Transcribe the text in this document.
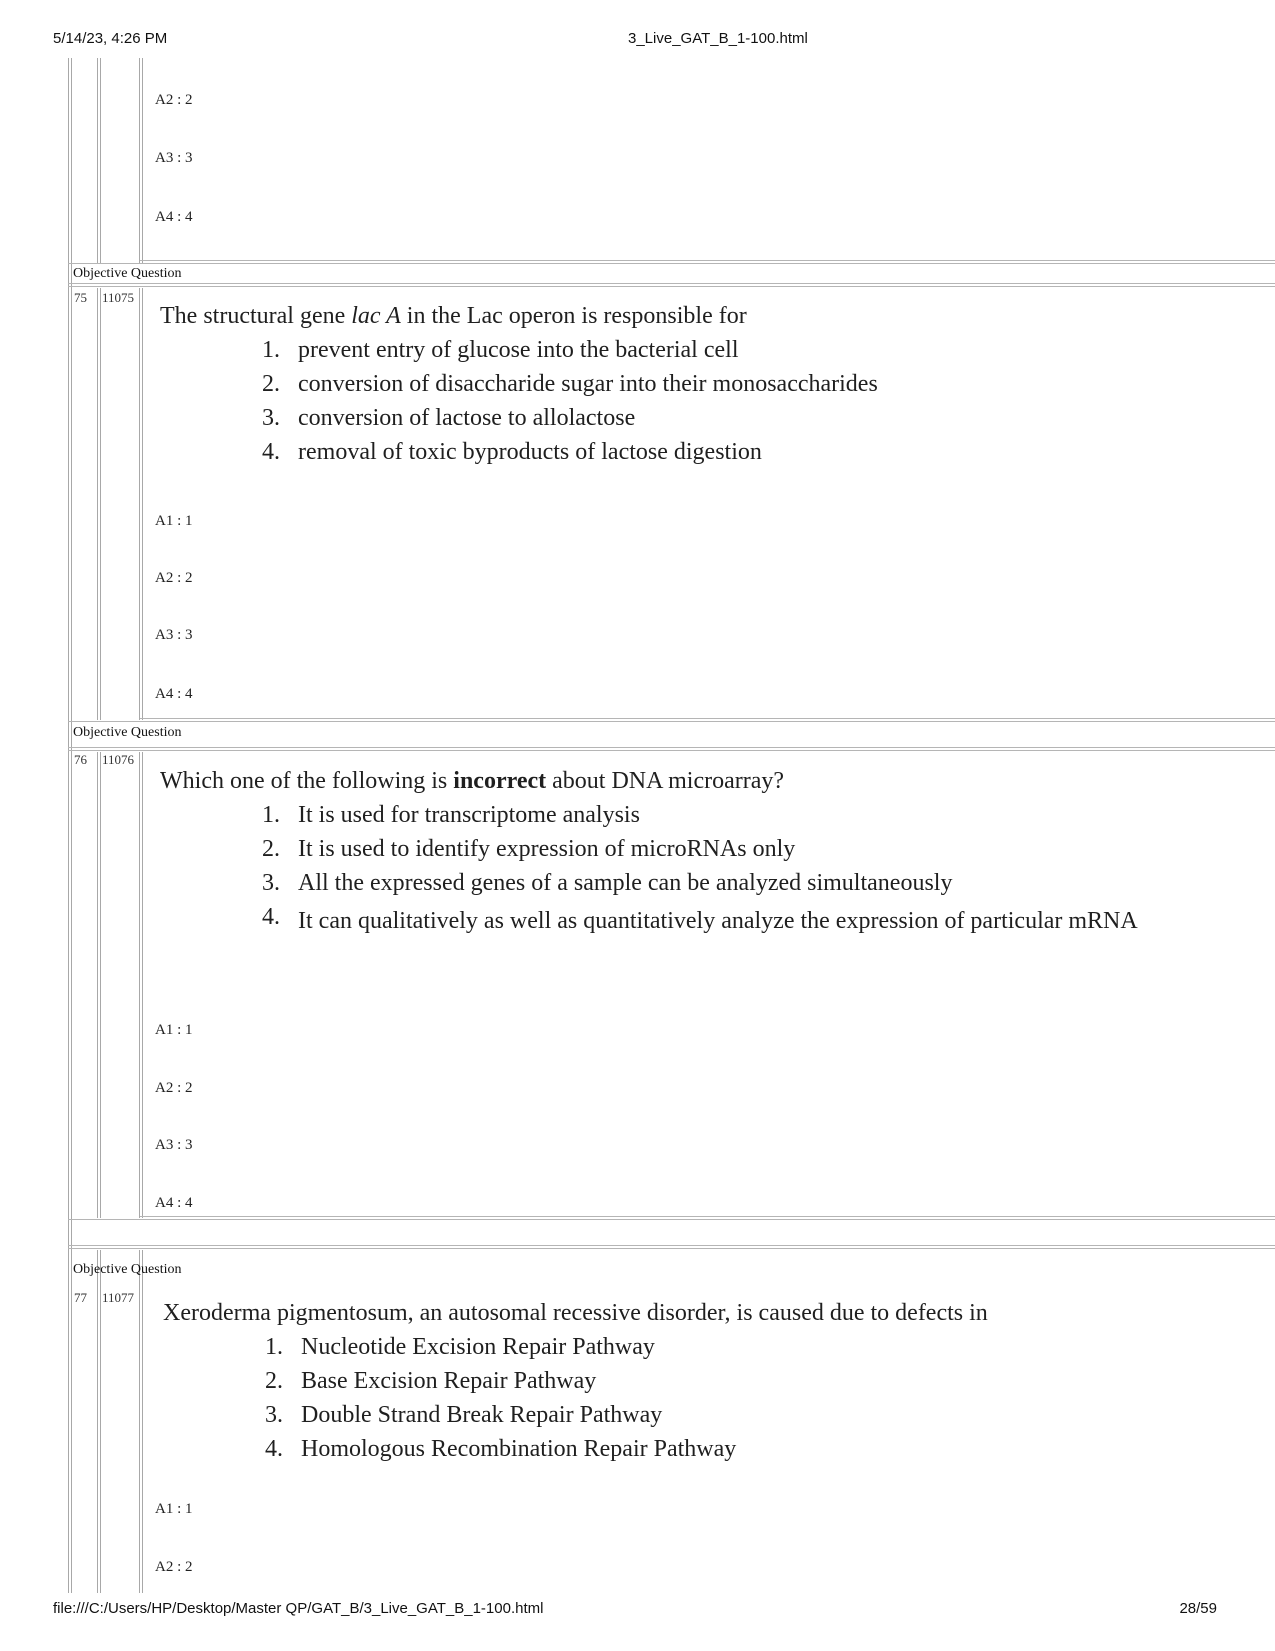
5/14/23, 4:26 PM	3_Live_GAT_B_1-100.html
A2 : 2
A3 : 3
A4 : 4
Objective Question
75 11075
The structural gene lac A in the Lac operon is responsible for
1. prevent entry of glucose into the bacterial cell
2. conversion of disaccharide sugar into their monosaccharides
3. conversion of lactose to allolactose
4. removal of toxic byproducts of lactose digestion
A1 : 1
A2 : 2
A3 : 3
A4 : 4
Objective Question
76 11076
Which one of the following is incorrect about DNA microarray?
1. It is used for transcriptome analysis
2. It is used to identify expression of microRNAs only
3. All the expressed genes of a sample can be analyzed simultaneously
4. It can qualitatively as well as quantitatively analyze the expression of particular mRNA
A1 : 1
A2 : 2
A3 : 3
A4 : 4
Objective Question
77 11077
Xeroderma pigmentosum, an autosomal recessive disorder, is caused due to defects in
1. Nucleotide Excision Repair Pathway
2. Base Excision Repair Pathway
3. Double Strand Break Repair Pathway
4. Homologous Recombination Repair Pathway
A1 : 1
A2 : 2
file:///C:/Users/HP/Desktop/Master QP/GAT_B/3_Live_GAT_B_1-100.html	28/59
